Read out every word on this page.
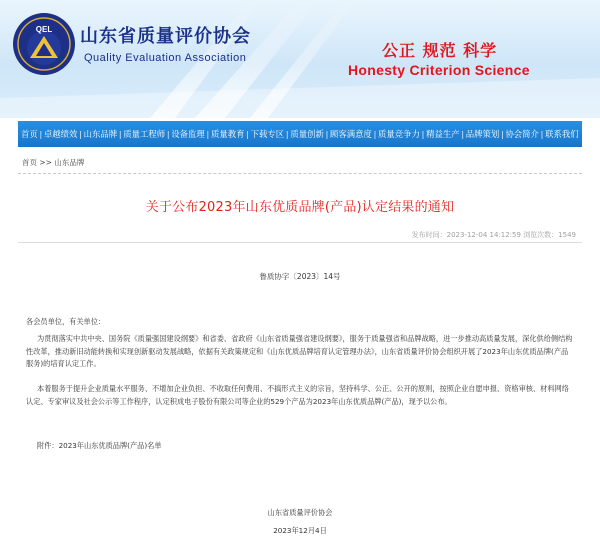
QEL 山东省质量评价协会
Quality Evaluation Association	公正 规范 科学
Honesty Criterion Science
首页 | 卓越绩效 | 山东品牌 | 质量工程师 | 设备监理 | 质量教育 | 下载专区 | 质量创新 | 顾客满意度 | 质量竞争力 | 精益生产 | 品牌策划 | 协会简介 | 联系我们
首页 >> 山东品牌
关于公布2023年山东优质品牌(产品)认定结果的通知
发布时间：2023-12-04 14:12:59 浏览次数：1549
鲁质协字〔2023〕14号
各会员单位，有关单位：
为贯彻落实中共中央、国务院《质量强国建设纲要》和省委、省政府《山东省质量强省建设纲要》，服务于质量强省和品牌战略，进一步推动高质量发展，深化供给侧结构性改革，推动新旧动能转换和实现创新驱动发展战略，依据有关政策规定和《山东优质品牌培育认定管理办法》，山东省质量评价协会组织开展了2023年山东优质品牌(产品 服务)的培育认定工作。
本着服务于提升企业质量水平服务、不增加企业负担、不收取任何费用、不搞形式主义的宗旨，坚持科学、公正、公开的原则，按照企业自愿申报、资格审核、材料网络认定、专家审议及社会公示等工作程序，认定积成电子股份有限公司等企业的529个产品为2023年山东优质品牌(产品)，现予以公布。
附件：2023年山东优质品牌(产品)名单
山东省质量评价协会
2023年12月4日
